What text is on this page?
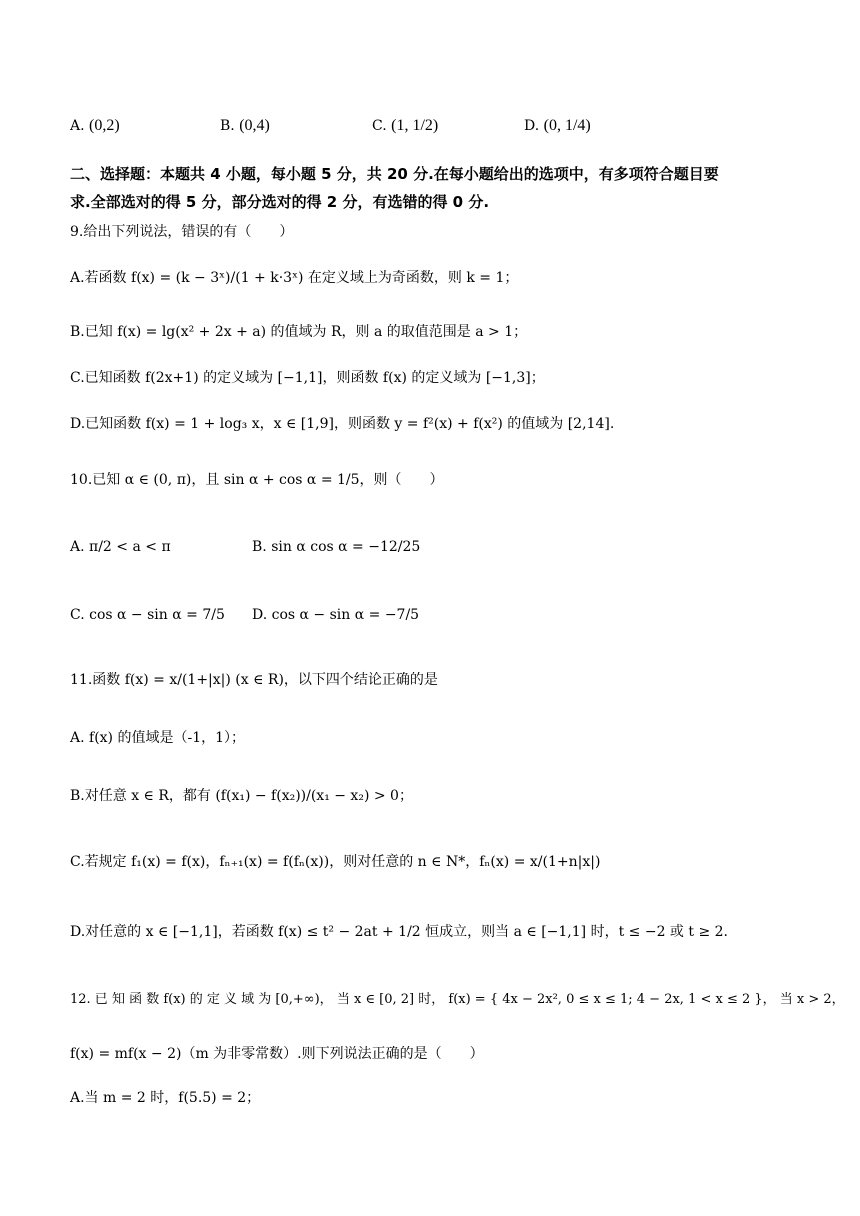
A. (0,2)	B. (0,4)	C. (1, 1/2)	D. (0, 1/4)
二、选择题：本题共 4 小题，每小题 5 分，共 20 分.在每小题给出的选项中，有多项符合题目要
求.全部选对的得 5 分，部分选对的得 2 分，有选错的得 0 分.
9.给出下列说法，错误的有（　　）
A.若函数 f(x) = (k − 3ˣ)/(1 + k·3ˣ) 在定义域上为奇函数，则 k = 1；
B.已知 f(x) = lg(x² + 2x + a) 的值域为 R，则 a 的取值范围是 a > 1；
C.已知函数 f(2x+1) 的定义域为 [−1,1]，则函数 f(x) 的定义域为 [−1,3]；
D.已知函数 f(x) = 1 + log₃ x，x ∈ [1,9]，则函数 y = f²(x) + f(x²) 的值域为 [2,14].
10.已知 α ∈ (0, π)，且 sin α + cos α = 1/5，则（　　）
A. π/2 < a < π	B. sin α cos α = −12/25
C. cos α − sin α = 7/5 D. cos α − sin α = −7/5
11.函数 f(x) = x/(1+|x|) (x ∈ R)，以下四个结论正确的是
A. f(x) 的值域是（-1，1）；
B.对任意 x ∈ R，都有 (f(x₁) − f(x₂))/(x₁ − x₂) > 0；
C.若规定 f₁(x) = f(x)，fₙ₊₁(x) = f(fₙ(x))，则对任意的 n ∈ N*，fₙ(x) = x/(1+n|x|)
D.对任意的 x ∈ [−1,1]，若函数 f(x) ≤ t² − 2at + 1/2 恒成立，则当 a ∈ [−1,1] 时，t ≤ −2 或 t ≥ 2.
12. 已 知 函 数 f(x) 的 定 义 域 为 [0,+∞)， 当 x ∈ [0, 2] 时， f(x) = { 4x − 2x², 0 ≤ x ≤ 1; 4 − 2x, 1 < x ≤ 2 }， 当 x > 2，
f(x) = mf(x − 2)（m 为非零常数）.则下列说法正确的是（　　）
A.当 m = 2 时，f(5.5) = 2；
